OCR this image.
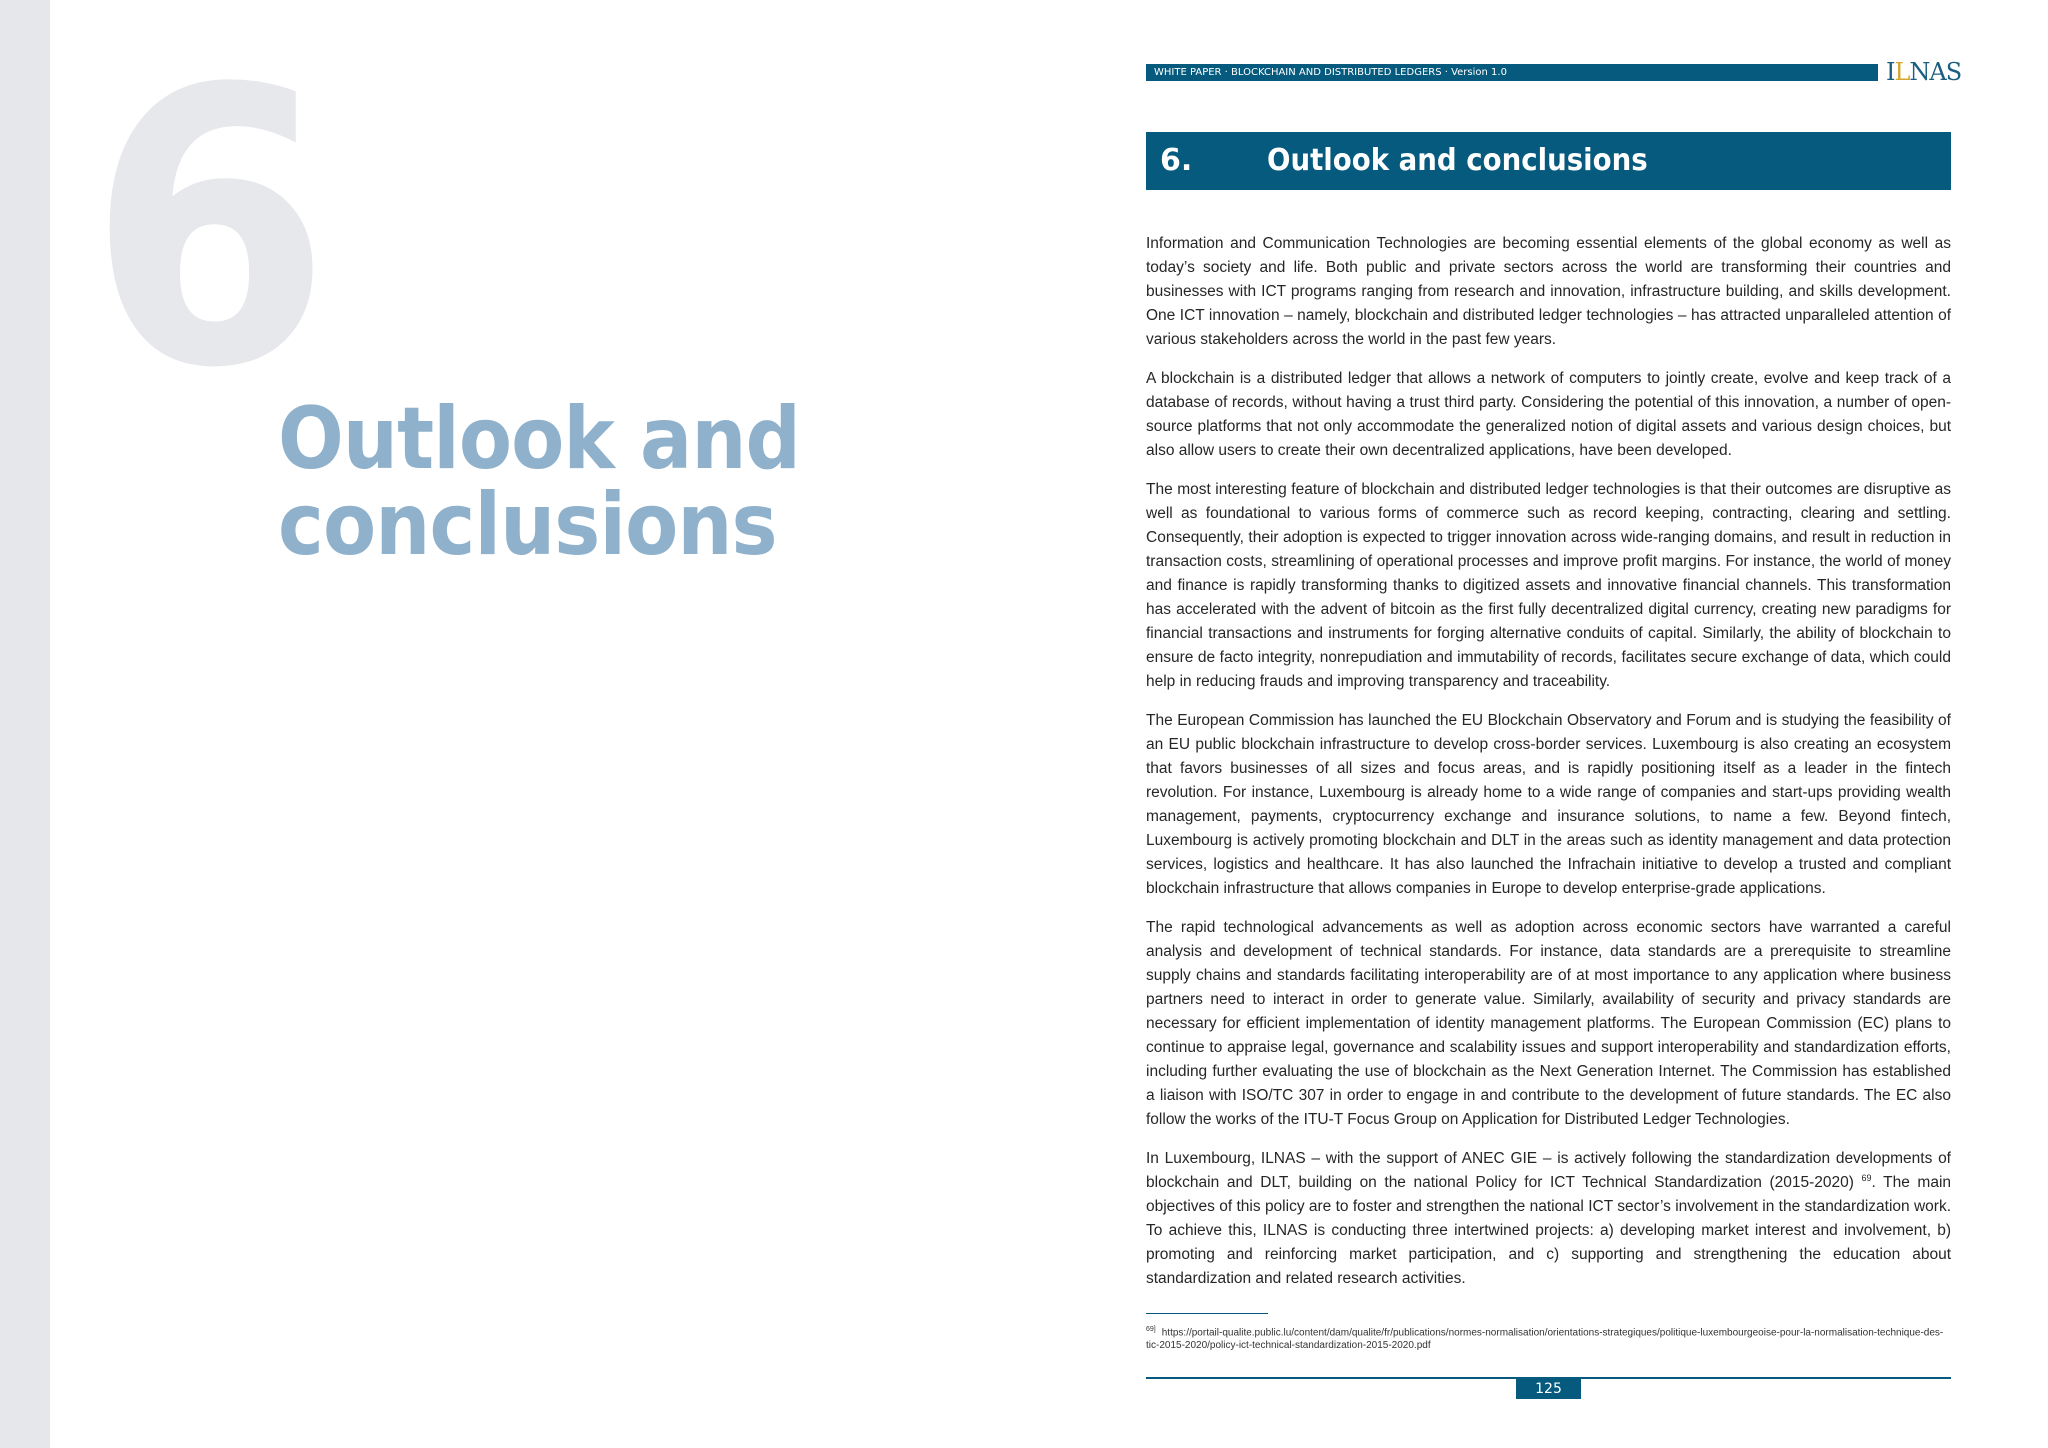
6
Outlook and
conclusions
WHITE PAPER · BLOCKCHAIN AND DISTRIBUTED LEDGERS · Version 1.0	ILNAS
6. Outlook and conclusions

Information and Communication Technologies are becoming essential elements of the global economy as well as today’s society and life. Both public and private sectors across the world are transforming their countries and businesses with ICT programs ranging from research and innovation, infrastructure building, and skills development. One ICT innovation – namely, blockchain and distributed ledger technologies – has attracted unparalleled attention of various stakeholders across the world in the past few years.

A blockchain is a distributed ledger that allows a network of computers to jointly create, evolve and keep track of a database of records, without having a trust third party. Considering the potential of this innovation, a number of open-source platforms that not only accommodate the generalized notion of digital assets and various design choices, but also allow users to create their own decentralized applications, have been developed.

The most interesting feature of blockchain and distributed ledger technologies is that their outcomes are disruptive as well as foundational to various forms of commerce such as record keeping, contracting, clearing and settling. Consequently, their adoption is expected to trigger innovation across wide-ranging domains, and result in reduction in transaction costs, streamlining of operational processes and improve profit margins. For instance, the world of money and finance is rapidly transforming thanks to digitized assets and innovative financial channels. This transformation has accelerated with the advent of bitcoin as the first fully decentralized digital currency, creating new paradigms for financial transactions and instruments for forging alternative conduits of capital. Similarly, the ability of blockchain to ensure de facto integrity, nonrepudiation and immutability of records, facilitates secure exchange of data, which could help in reducing frauds and improving transparency and traceability.

The European Commission has launched the EU Blockchain Observatory and Forum and is studying the feasibility of an EU public blockchain infrastructure to develop cross-border services. Luxembourg is also creating an ecosystem that favors businesses of all sizes and focus areas, and is rapidly positioning itself as a leader in the fintech revolution. For instance, Luxembourg is already home to a wide range of companies and start-ups providing wealth management, payments, cryptocurrency exchange and insurance solutions, to name a few. Beyond fintech, Luxembourg is actively promoting blockchain and DLT in the areas such as identity management and data protection services, logistics and healthcare. It has also launched the Infrachain initiative to develop a trusted and compliant blockchain infrastructure that allows companies in Europe to develop enterprise-grade applications.

The rapid technological advancements as well as adoption across economic sectors have warranted a careful analysis and development of technical standards. For instance, data standards are a prerequisite to streamline supply chains and standards facilitating interoperability are of at most importance to any application where business partners need to interact in order to generate value. Similarly, availability of security and privacy standards are necessary for efficient implementation of identity management platforms. The European Commission (EC) plans to continue to appraise legal, governance and scalability issues and support interoperability and standardization efforts, including further evaluating the use of blockchain as the Next Generation Internet. The Commission has established a liaison with ISO/TC 307 in order to engage in and contribute to the development of future standards. The EC also follow the works of the ITU-T Focus Group on Application for Distributed Ledger Technologies.

In Luxembourg, ILNAS – with the support of ANEC GIE – is actively following the standardization developments of blockchain and DLT, building on the national Policy for ICT Technical Standardization (2015-2020) $^{69}$. The main objectives of this policy are to foster and strengthen the national ICT sector’s involvement in the standardization work. To achieve this, ILNAS is conducting three intertwined projects: a) developing market interest and involvement, b) promoting and reinforcing market participation, and c) supporting and strengthening the education about standardization and related research activities.

$^{69]}$ https://portail-qualite.public.lu/content/dam/qualite/fr/publications/normes-normalisation/orientations-strategiques/politique-luxembourgeoise-pour-la-normalisation-technique-des-tic-2015-2020/policy-ict-technical-standardization-2015-2020.pdf
125
